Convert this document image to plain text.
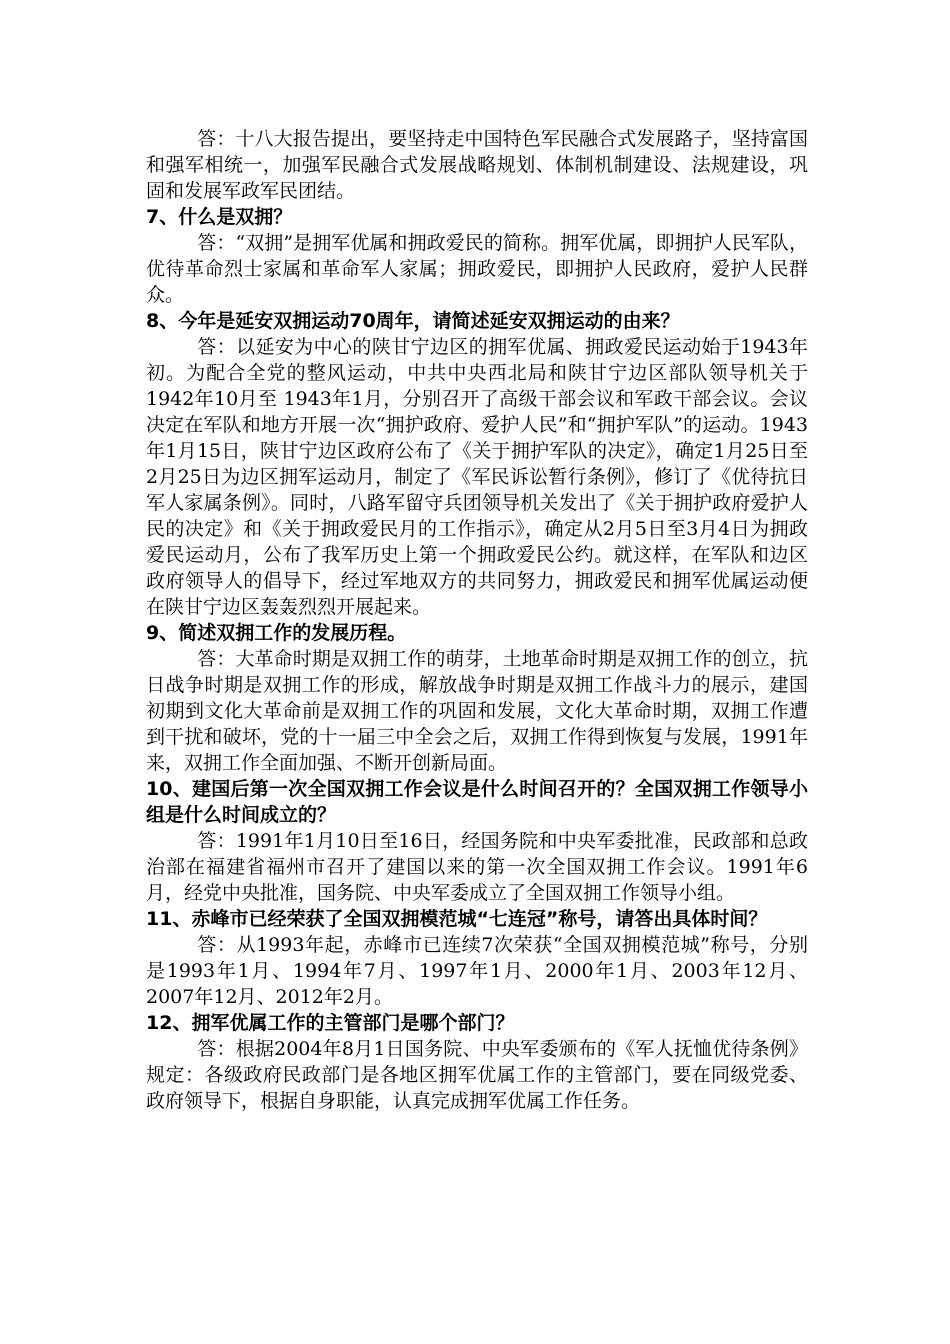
答：十八大报告提出，要坚持走中国特色军民融合式发展路子，坚持富国和强军相统一，加强军民融合式发展战略规划、体制机制建设、法规建设，巩固和发展军政军民团结。

7、什么是双拥？

答：“双拥”是拥军优属和拥政爱民的简称。拥军优属，即拥护人民军队，优待革命烈士家属和革命军人家属；拥政爱民，即拥护人民政府，爱护人民群众。

8、今年是延安双拥运动70周年，请简述延安双拥运动的由来？

答：以延安为中心的陕甘宁边区的拥军优属、拥政爱民运动始于1943年初。为配合全党的整风运动，中共中央西北局和陕甘宁边区部队领导机关于1942年10月至 1943年1月，分别召开了高级干部会议和军政干部会议。会议决定在军队和地方开展一次“拥护政府、爱护人民”和“拥护军队”的运动。1943年1月15日，陕甘宁边区政府公布了《关于拥护军队的决定》，确定1月25日至2月25日为边区拥军运动月，制定了《军民诉讼暂行条例》，修订了《优待抗日军人家属条例》。同时，八路军留守兵团领导机关发出了《关于拥护政府爱护人民的决定》和《关于拥政爱民月的工作指示》，确定从2月5日至3月4日为拥政爱民运动月，公布了我军历史上第一个拥政爱民公约。就这样，在军队和边区政府领导人的倡导下，经过军地双方的共同努力，拥政爱民和拥军优属运动便在陕甘宁边区轰轰烈烈开展起来。

9、简述双拥工作的发展历程。

答：大革命时期是双拥工作的萌芽，土地革命时期是双拥工作的创立，抗日战争时期是双拥工作的形成，解放战争时期是双拥工作战斗力的展示，建国初期到文化大革命前是双拥工作的巩固和发展，文化大革命时期，双拥工作遭到干扰和破坏，党的十一届三中全会之后，双拥工作得到恢复与发展，1991年来，双拥工作全面加强、不断开创新局面。

10、建国后第一次全国双拥工作会议是什么时间召开的？全国双拥工作领导小组是什么时间成立的？

答：1991年1月10日至16日，经国务院和中央军委批准，民政部和总政治部在福建省福州市召开了建国以来的第一次全国双拥工作会议。1991年6月，经党中央批准，国务院、中央军委成立了全国双拥工作领导小组。

11、赤峰市已经荣获了全国双拥模范城“七连冠”称号，请答出具体时间？

答：从1993年起，赤峰市已连续7次荣获“全国双拥模范城”称号，分别是1993年1月、1994年7月、1997年1月、2000年1月、2003年12月、2007年12月、2012年2月。

12、拥军优属工作的主管部门是哪个部门？

答：根据2004年8月1日国务院、中央军委颁布的《军人抚恤优待条例》规定：各级政府民政部门是各地区拥军优属工作的主管部门，要在同级党委、政府领导下，根据自身职能，认真完成拥军优属工作任务。
